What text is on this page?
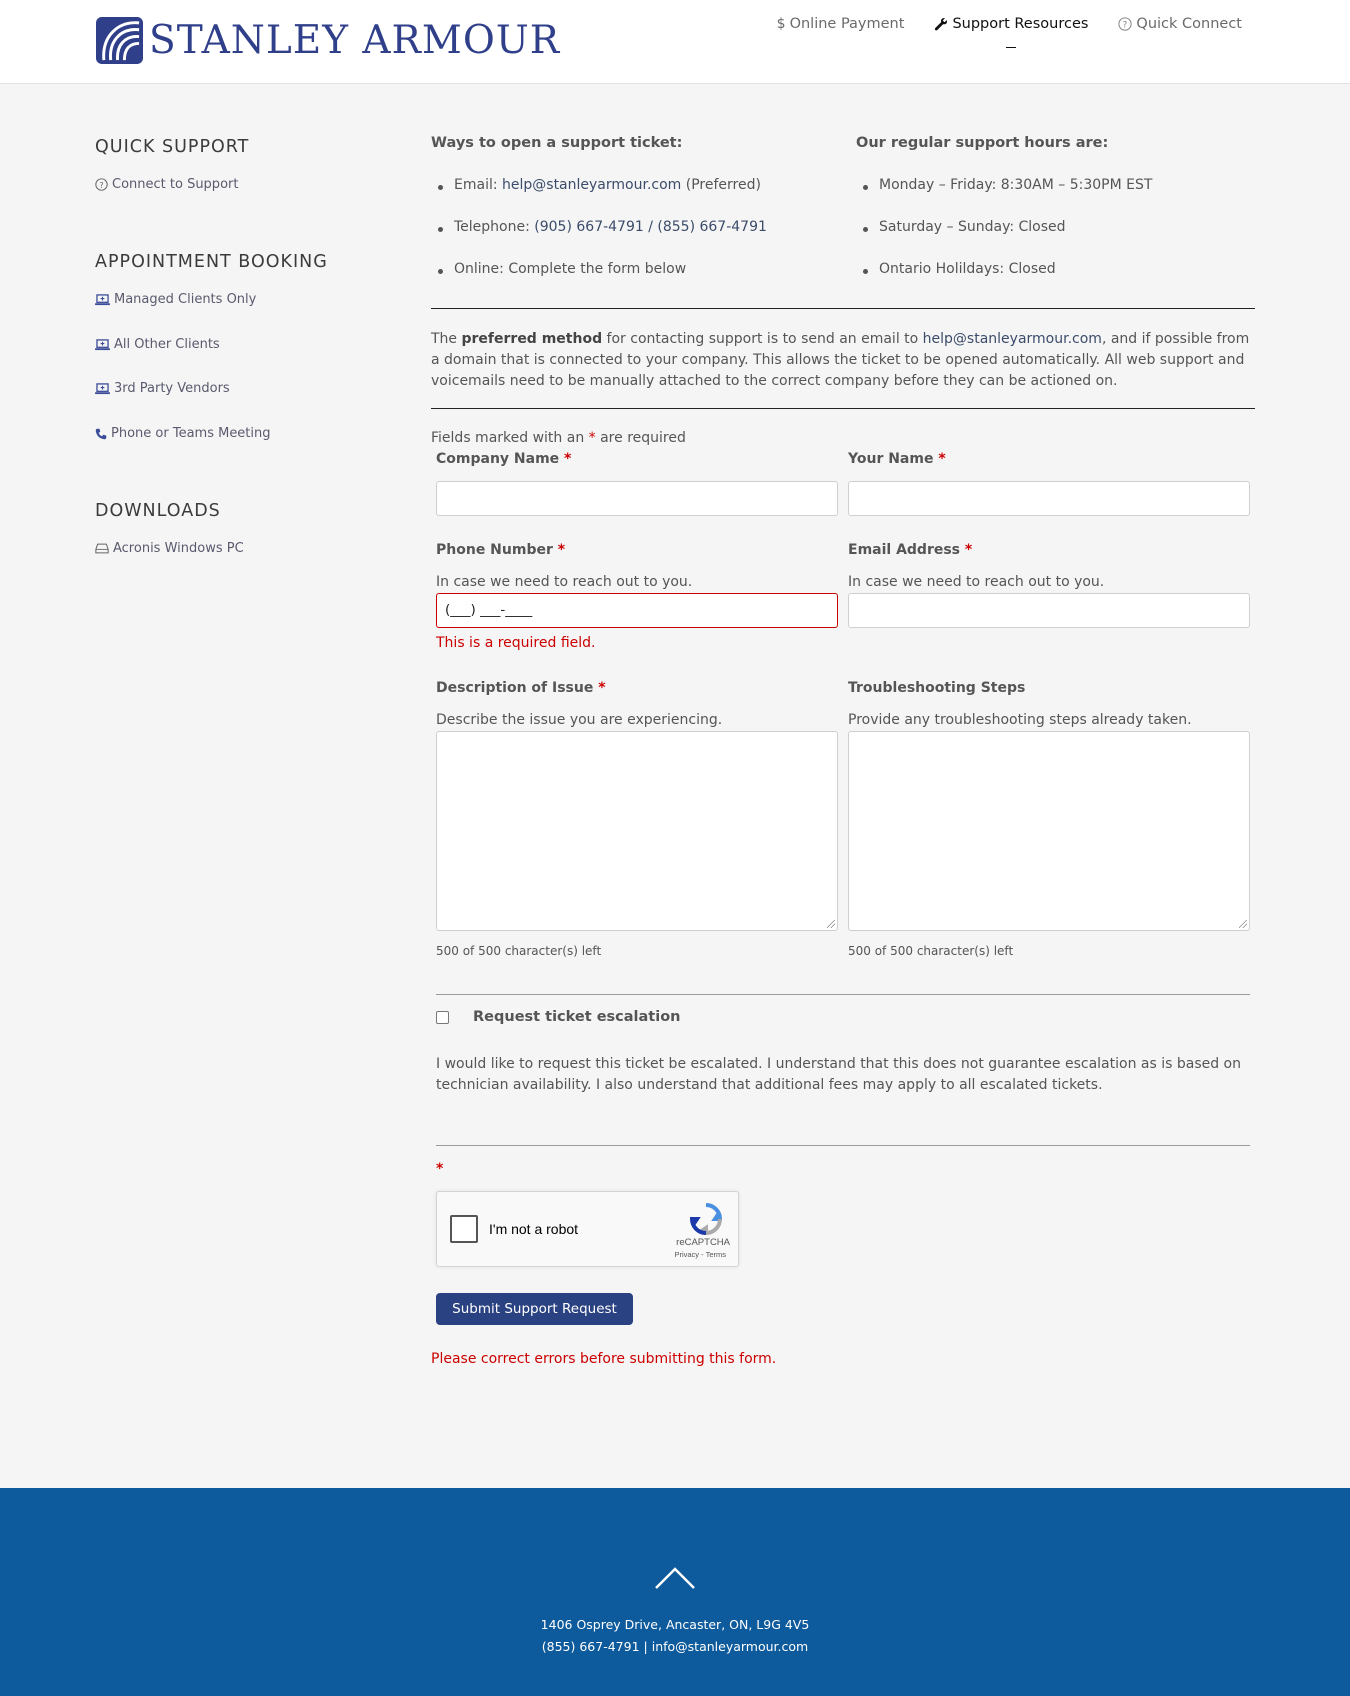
STANLEY ARMOUR	$ Online Payment	Support Resources	? Quick Connect
QUICK SUPPORT
? Connect to Support
APPOINTMENT BOOKING
Managed Clients Only
All Other Clients
3rd Party Vendors
Phone or Teams Meeting
DOWNLOADS
Acronis Windows PC
Ways to open a support ticket:
Email: help@stanleyarmour.com (Preferred)
Telephone: (905) 667-4791 / (855) 667-4791
Online: Complete the form below
Our regular support hours are:
Monday – Friday: 8:30AM – 5:30PM EST
Saturday – Sunday: Closed
Ontario Holildays: Closed
The preferred method for contacting support is to send an email to help@stanleyarmour.com, and if possible from a domain that is connected to your company. This allows the ticket to be opened automatically. All web support and voicemails need to be manually attached to the correct company before they can be actioned on.
Fields marked with an * are required
Company Name *	Your Name *
Phone Number *
In case we need to reach out to you.
(___) ___-____
This is a required field.
Email Address *
In case we need to reach out to you.
Description of Issue *
Describe the issue you are experiencing.
500 of 500 character(s) left
Troubleshooting Steps
Provide any troubleshooting steps already taken.
500 of 500 character(s) left
Request ticket escalation
I would like to request this ticket be escalated. I understand that this does not guarantee escalation as is based on technician availability. I also understand that additional fees may apply to all escalated tickets.
*
I'm not a robot
reCAPTCHA
Privacy - Terms
Submit Support Request
Please correct errors before submitting this form.
1406 Osprey Drive, Ancaster, ON, L9G 4V5
(855) 667-4791 | info@stanleyarmour.com
